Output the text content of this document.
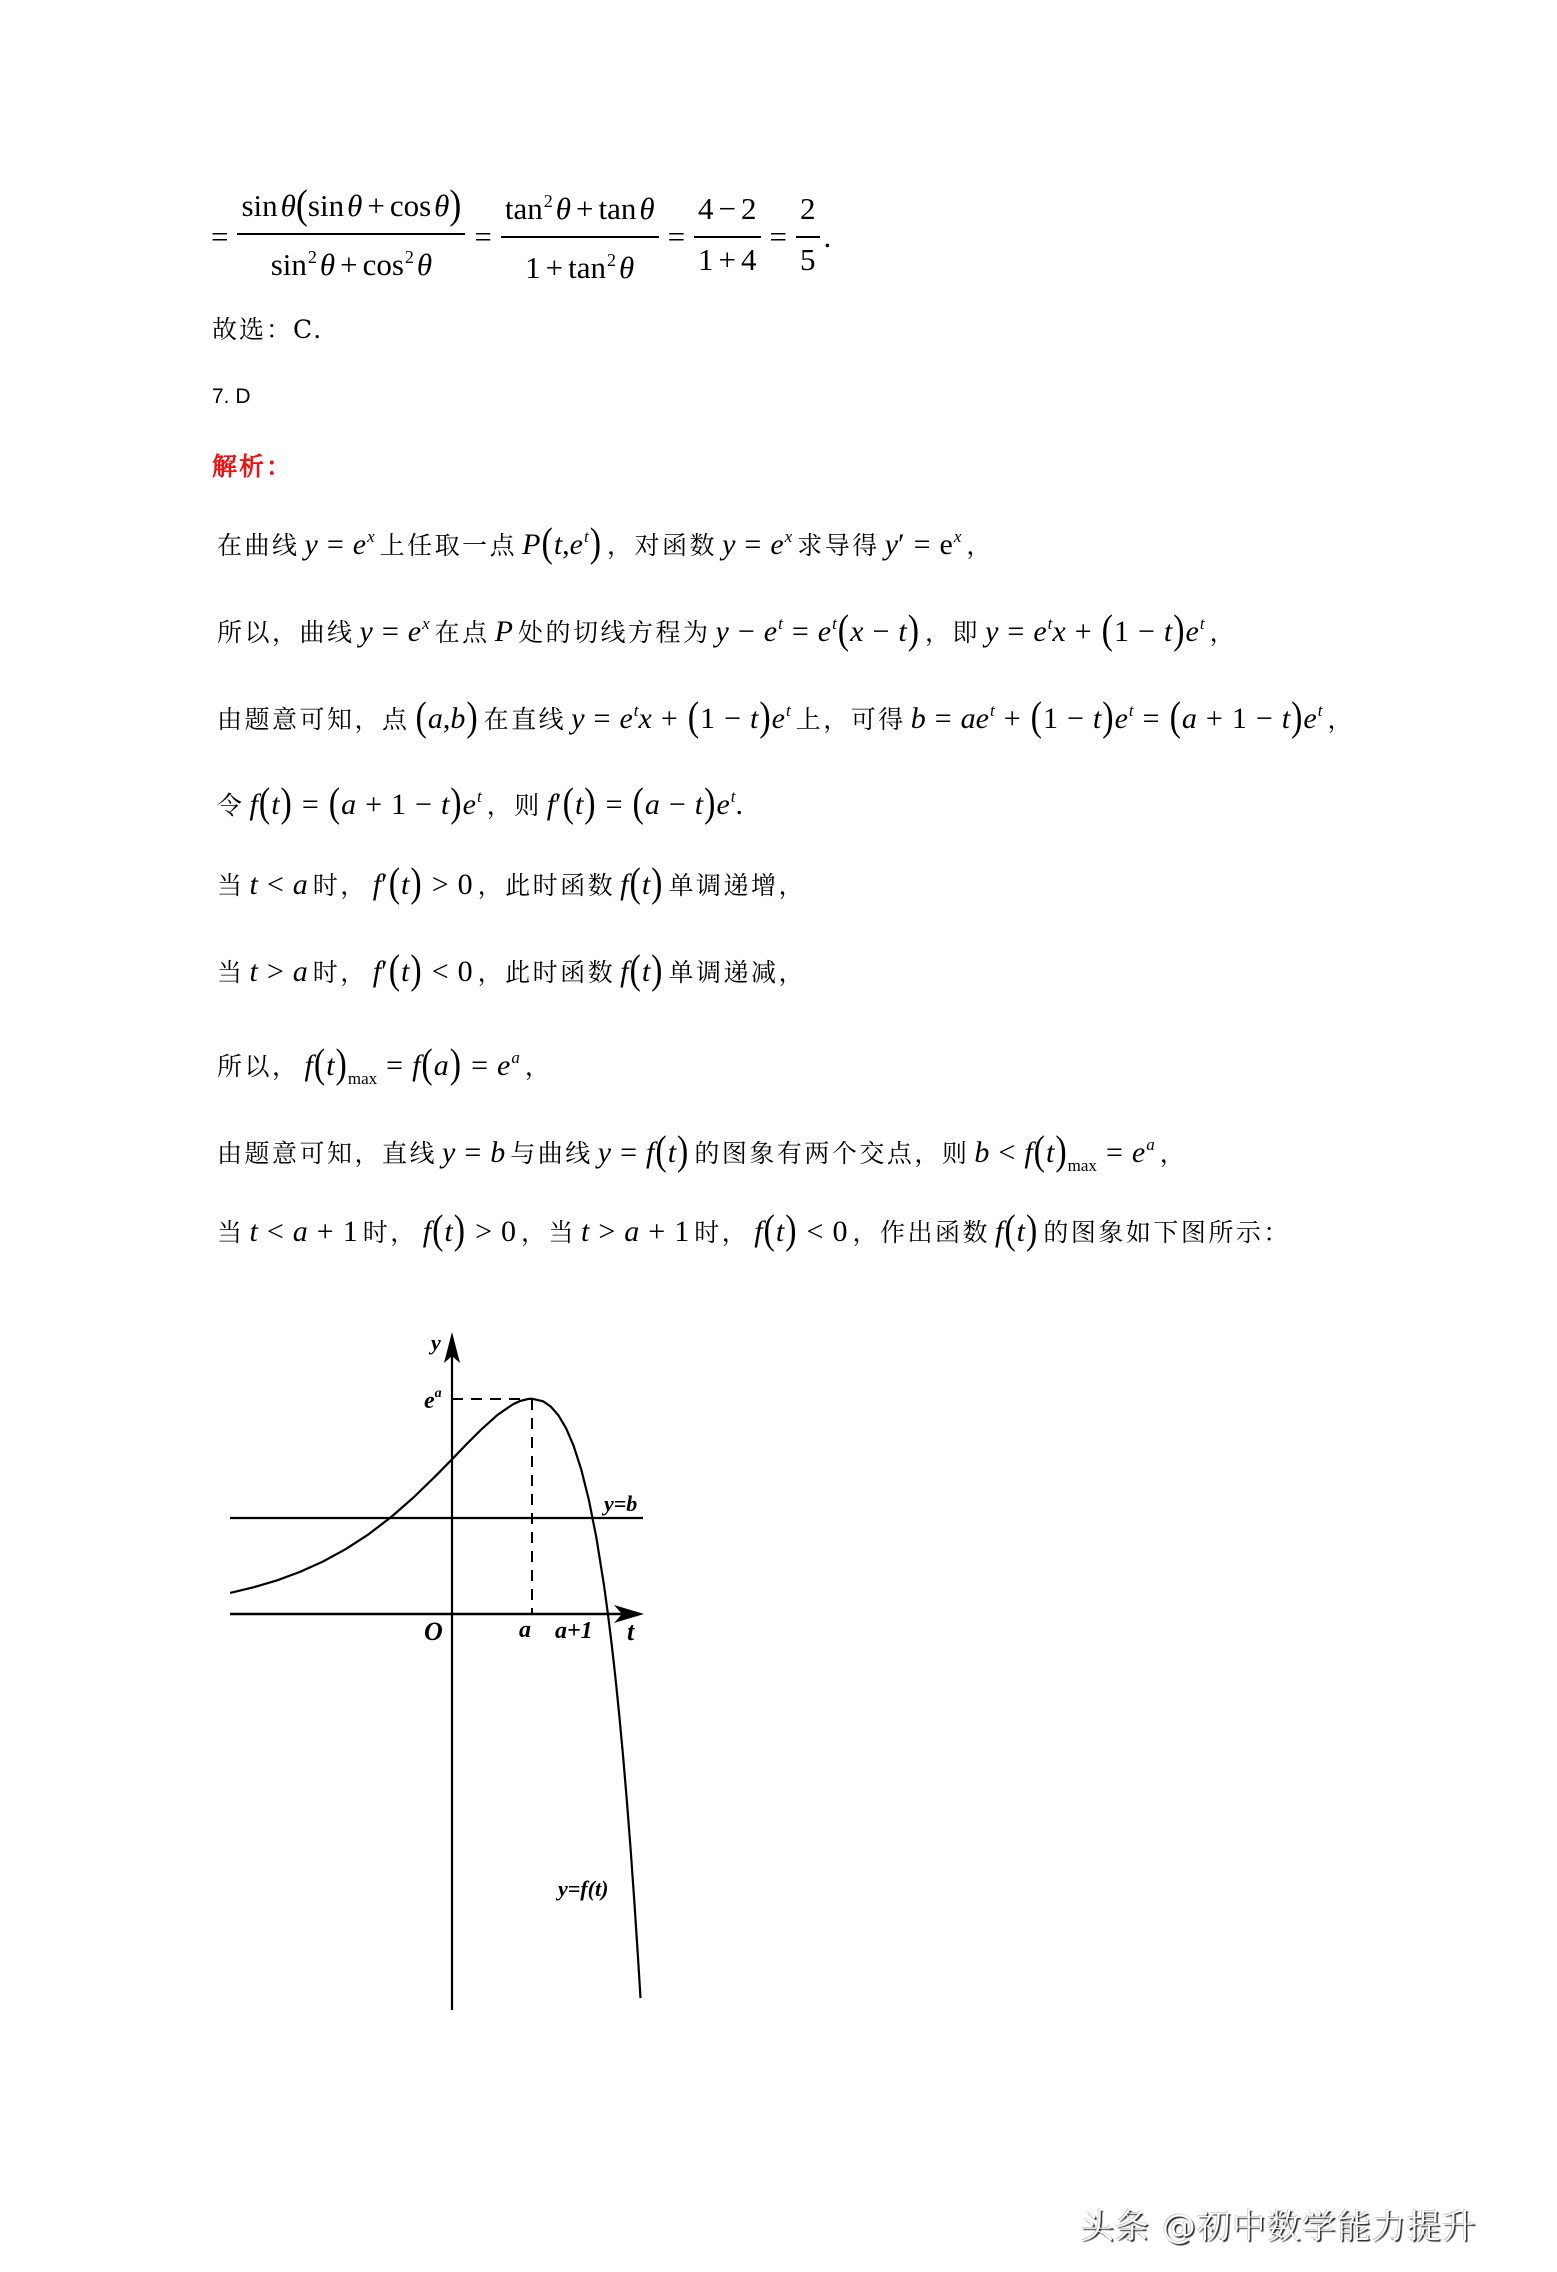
= $\frac{\sin\theta(\sin\theta + \cos\theta)}{\sin 2\theta + \cos 2\theta} = \frac{\tan 2\theta + \tan\theta}{1 + \tan 2\theta} = \frac{4 - 2}{1 + 4} = \frac{2}{5}$ .
故选：C.
7. D
解析：
在曲线 y = ex 上任取一点 P(t,et) ，对函数 y = ex 求导得 y′ = ex ，
所以，曲线 y = ex 在点 P 处的切线方程为 y − et = et(x − t) ，即 y = etx + (1 − t)et ，
由题意可知，点 (a,b) 在直线 y = etx + (1 − t)et 上，可得 b = aet + (1 − t)et = (a + 1 − t)et ，
令 f(t) = (a + 1 − t)et ，则 f′(t) = (a − t)et.
当 t < a 时， f′(t) > 0 ，此时函数 f(t) 单调递增，
当 t > a 时， f′(t) < 0 ，此时函数 f(t) 单调递减，
所以， f(t)max = f(a) = ea ，
由题意可知，直线 y = b 与曲线 y = f(t) 的图象有两个交点，则 b < f(t)max = ea ，
当 t < a + 1 时， f(t) > 0 ，当 t > a + 1 时， f(t) < 0 ，作出函数 f(t) 的图象如下图所示：
y
$e^a$
y=b
O	a a+1 t
y=f(t)
头条 @初中数学能力提升
